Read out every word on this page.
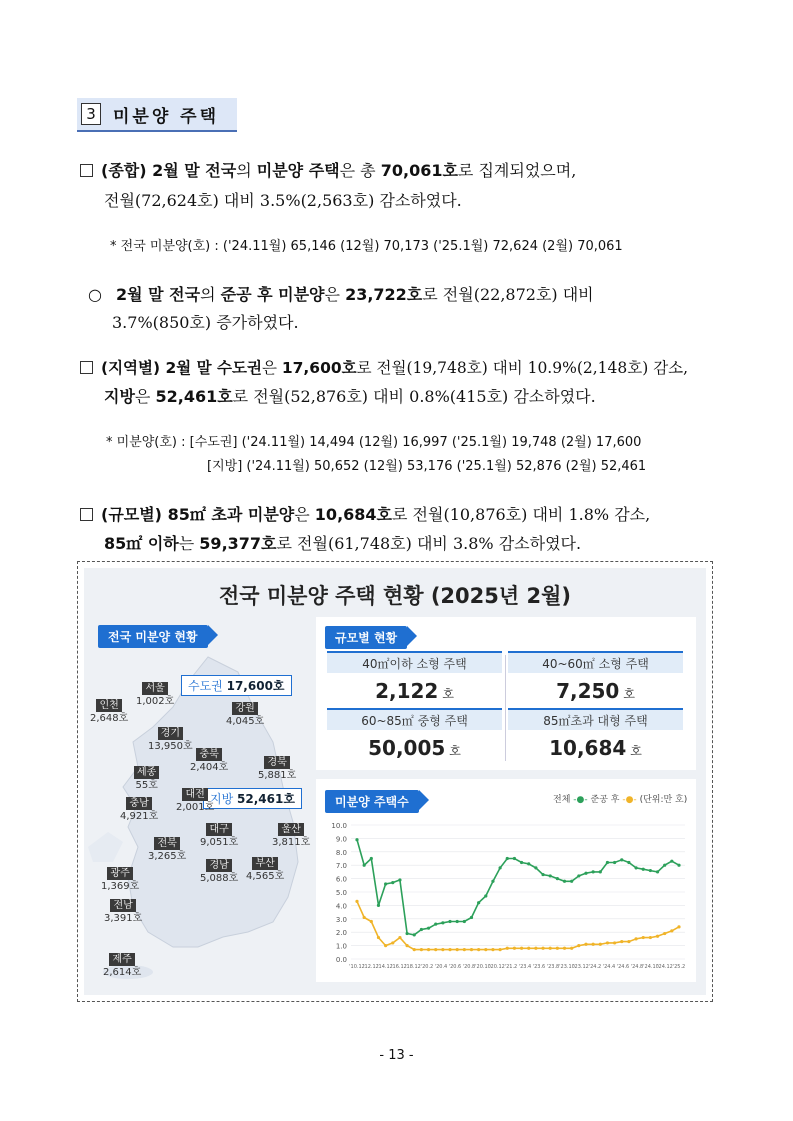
3	미분양 주택
(종합) 2월 말 전국의 미분양 주택은 총 70,061호로 집계되었으며,
전월(72,624호) 대비 3.5%(2,563호) 감소하였다.
* 전국 미분양(호) : ('24.11월) 65,146 (12월) 70,173 ('25.1월) 72,624 (2월) 70,061
○ 2월 말 전국의 준공 후 미분양은 23,722호로 전월(22,872호) 대비
3.7%(850호) 증가하였다.
(지역별) 2월 말 수도권은 17,600호로 전월(19,748호) 대비 10.9%(2,148호) 감소,
지방은 52,461호로 전월(52,876호) 대비 0.8%(415호) 감소하였다.
* 미분양(호) : [수도권] ('24.11월) 14,494 (12월) 16,997 ('25.1월) 19,748 (2월) 17,600
[지방] ('24.11월) 50,652 (12월) 53,176 ('25.1월) 52,876 (2월) 52,461
(규모별) 85㎡ 초과 미분양은 10,684호로 전월(10,876호) 대비 1.8% 감소,
85㎡ 이하는 59,377호로 전월(61,748호) 대비 3.8% 감소하였다.
전국 미분양 주택 현황 (2025년 2월)
전국 미분양 현황
수도권 17,600호
지방 52,461호
서울
1,002호
인천
2,648호
경기
13,950호
강원
4,045호
충북
2,404호	경북
5,881호
세종
55호
대전
2,001호
충남
4,921호
대구
9,051호
울산
3,811호
전북
3,265호
광주
1,369호
경남
5,088호
부산
4,565호
전남
3,391호
제주
2,614호
규모별 현황
40㎡이하 소형 주택	40~60㎡ 소형 주택
2,122 호	7,250 호
60~85㎡ 중형 주택	85㎡초과 대형 주택
50,005 호	10,684 호
미분양 주택수	전체 -●- 준공 후 -●- (단위:만 호)
0.0
1.0
2.0
3.0
4.0
5.0
6.0
7.0
8.0
9.0
10.0
'10.12
'12.12
'14.12
'16.12
'18.12 '20.2 '20.4 '20.6 '20.8 '20.10
'20.12 '21.2 '23.4 '23.6 '23.8 '23.10
'23.12 '24.2 '24.4 '24.6 '24.8 '24.10
'24.12 '25.2
- 13 -
